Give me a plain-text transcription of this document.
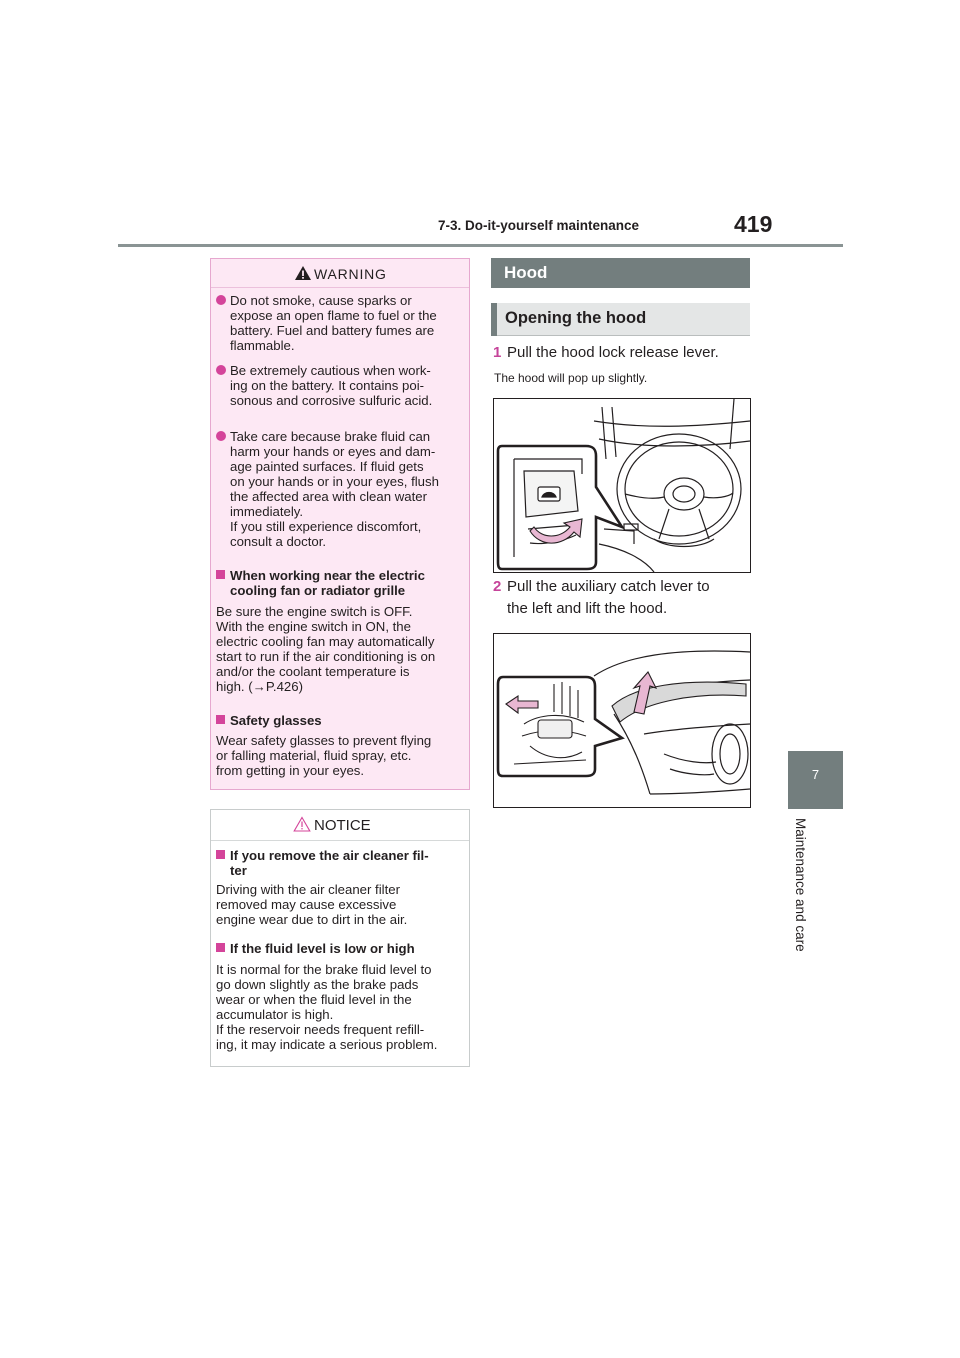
7-3. Do-it-yourself maintenance	419
7
Maintenance and care
WARNING
Do not smoke, cause sparks or
expose an open flame to fuel or the
battery. Fuel and battery fumes are
flammable.
Be extremely cautious when work-
ing on the battery. It contains poi-
sonous and corrosive sulfuric acid.
Take care because brake fluid can
harm your hands or eyes and dam-
age painted surfaces. If fluid gets
on your hands or in your eyes, flush
the affected area with clean water
immediately.
If you still experience discomfort,
consult a doctor.
When working near the electric
cooling fan or radiator grille
Be sure the engine switch is OFF.
With the engine switch in ON, the
electric cooling fan may automatically
start to run if the air conditioning is on
and/or the coolant temperature is
high. (→P.426)
Safety glasses
Wear safety glasses to prevent flying
or falling material, fluid spray, etc.
from getting in your eyes.
NOTICE
If you remove the air cleaner fil-
ter
Driving with the air cleaner filter
removed may cause excessive
engine wear due to dirt in the air.
If the fluid level is low or high
It is normal for the brake fluid level to
go down slightly as the brake pads
wear or when the fluid level in the
accumulator is high.
If the reservoir needs frequent refill-
ing, it may indicate a serious problem.
Hood
Opening the hood
1 Pull the hood lock release lever.
The hood will pop up slightly.
2 Pull the auxiliary catch lever to
the left and lift the hood.
